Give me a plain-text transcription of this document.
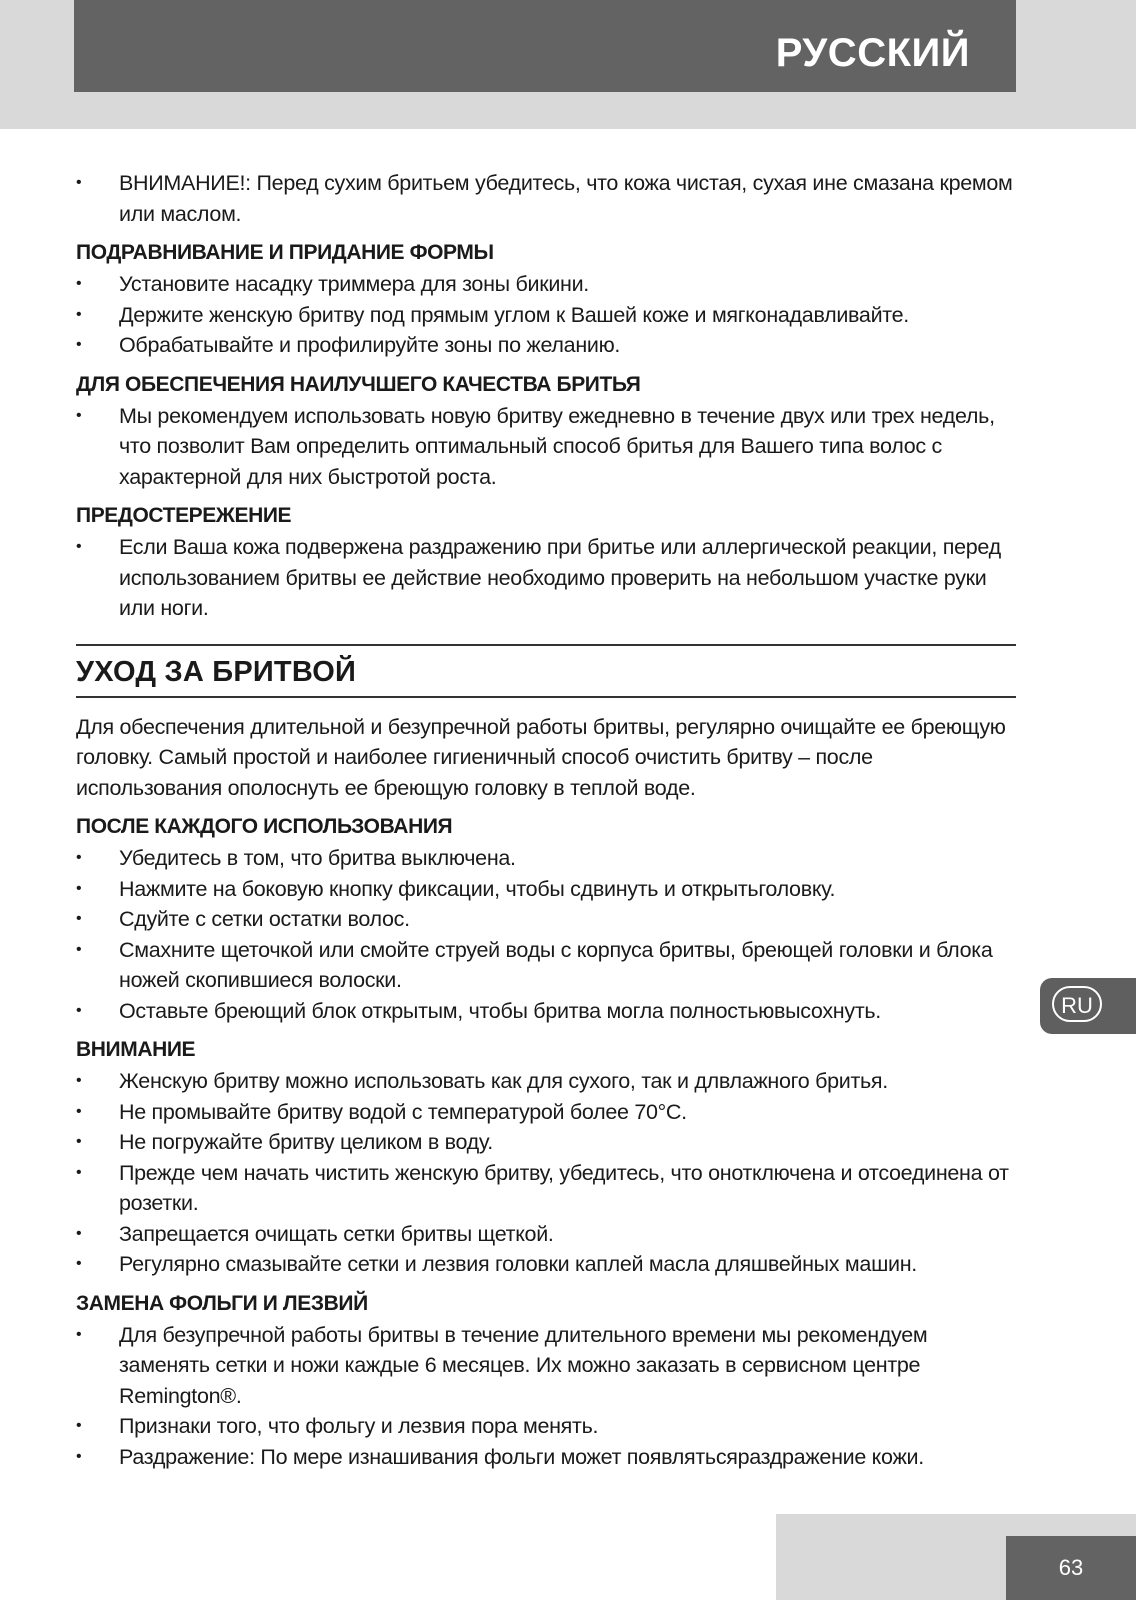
РУССКИЙ
• ВНИМАНИЕ!: Перед сухим бритьем убедитесь, что кожа чистая, сухая ине смазана кремом или маслом.
ПОДРАВНИВАНИЕ И ПРИДАНИЕ ФОРМЫ
• Установите насадку триммера для зоны бикини.
• Держите женскую бритву под прямым углом к Вашей коже и мягконадавливайте.
• Обрабатывайте и профилируйте зоны по желанию.
ДЛЯ ОБЕСПЕЧЕНИЯ НАИЛУЧШЕГО КАЧЕСТВА БРИТЬЯ
• Мы рекомендуем использовать новую бритву ежедневно в течение двух или трех недель, что позволит Вам определить оптимальный способ бритья для Вашего типа волос с характерной для них быстротой роста.
ПРЕДОСТЕРЕЖЕНИЕ
• Если Ваша кожа подвержена раздражению при бритье или аллергической реакции, перед использованием бритвы ее действие необходимо проверить на небольшом участке руки или ноги.
УХОД ЗА БРИТВОЙ

Для обеспечения длительной и безупречной работы бритвы, регулярно очищайте ее бреющую головку. Самый простой и наиболее гигиеничный способ очистить бритву – после использования ополоснуть ее бреющую головку в теплой воде.

ПОСЛЕ КАЖДОГО ИСПОЛЬЗОВАНИЯ
• Убедитесь в том, что бритва выключена.
• Нажмите на боковую кнопку фиксации, чтобы сдвинуть и открытьголовку.
• Сдуйте с сетки остатки волос.
• Смахните щеточкой или смойте струей воды с корпуса бритвы, бреющей головки и блока ножей скопившиеся волоски.
• Оставьте бреющий блок открытым, чтобы бритва могла полностьювысохнуть.
ВНИМАНИЕ
• Женскую бритву можно использовать как для сухого, так и длвлажного бритья.
• Не промывайте бритву водой с температурой более 70°С.
• Не погружайте бритву целиком в воду.
• Прежде чем начать чистить женскую бритву, убедитесь, что онотключена и отсоединена от розетки.
• Запрещается очищать сетки бритвы щеткой.
• Регулярно смазывайте сетки и лезвия головки каплей масла дляшвейных машин.
ЗАМЕНА ФОЛЬГИ И ЛЕЗВИЙ
• Для безупречной работы бритвы в течение длительного времени мы рекомендуем заменять сетки и ножи каждые 6 месяцев. Их можно заказать в сервисном центре Remington®.
• Признаки того, что фольгу и лезвия пора менять.
• Раздражение: По мере изнашивания фольги может появлятьсяраздражение кожи.
RU
63
